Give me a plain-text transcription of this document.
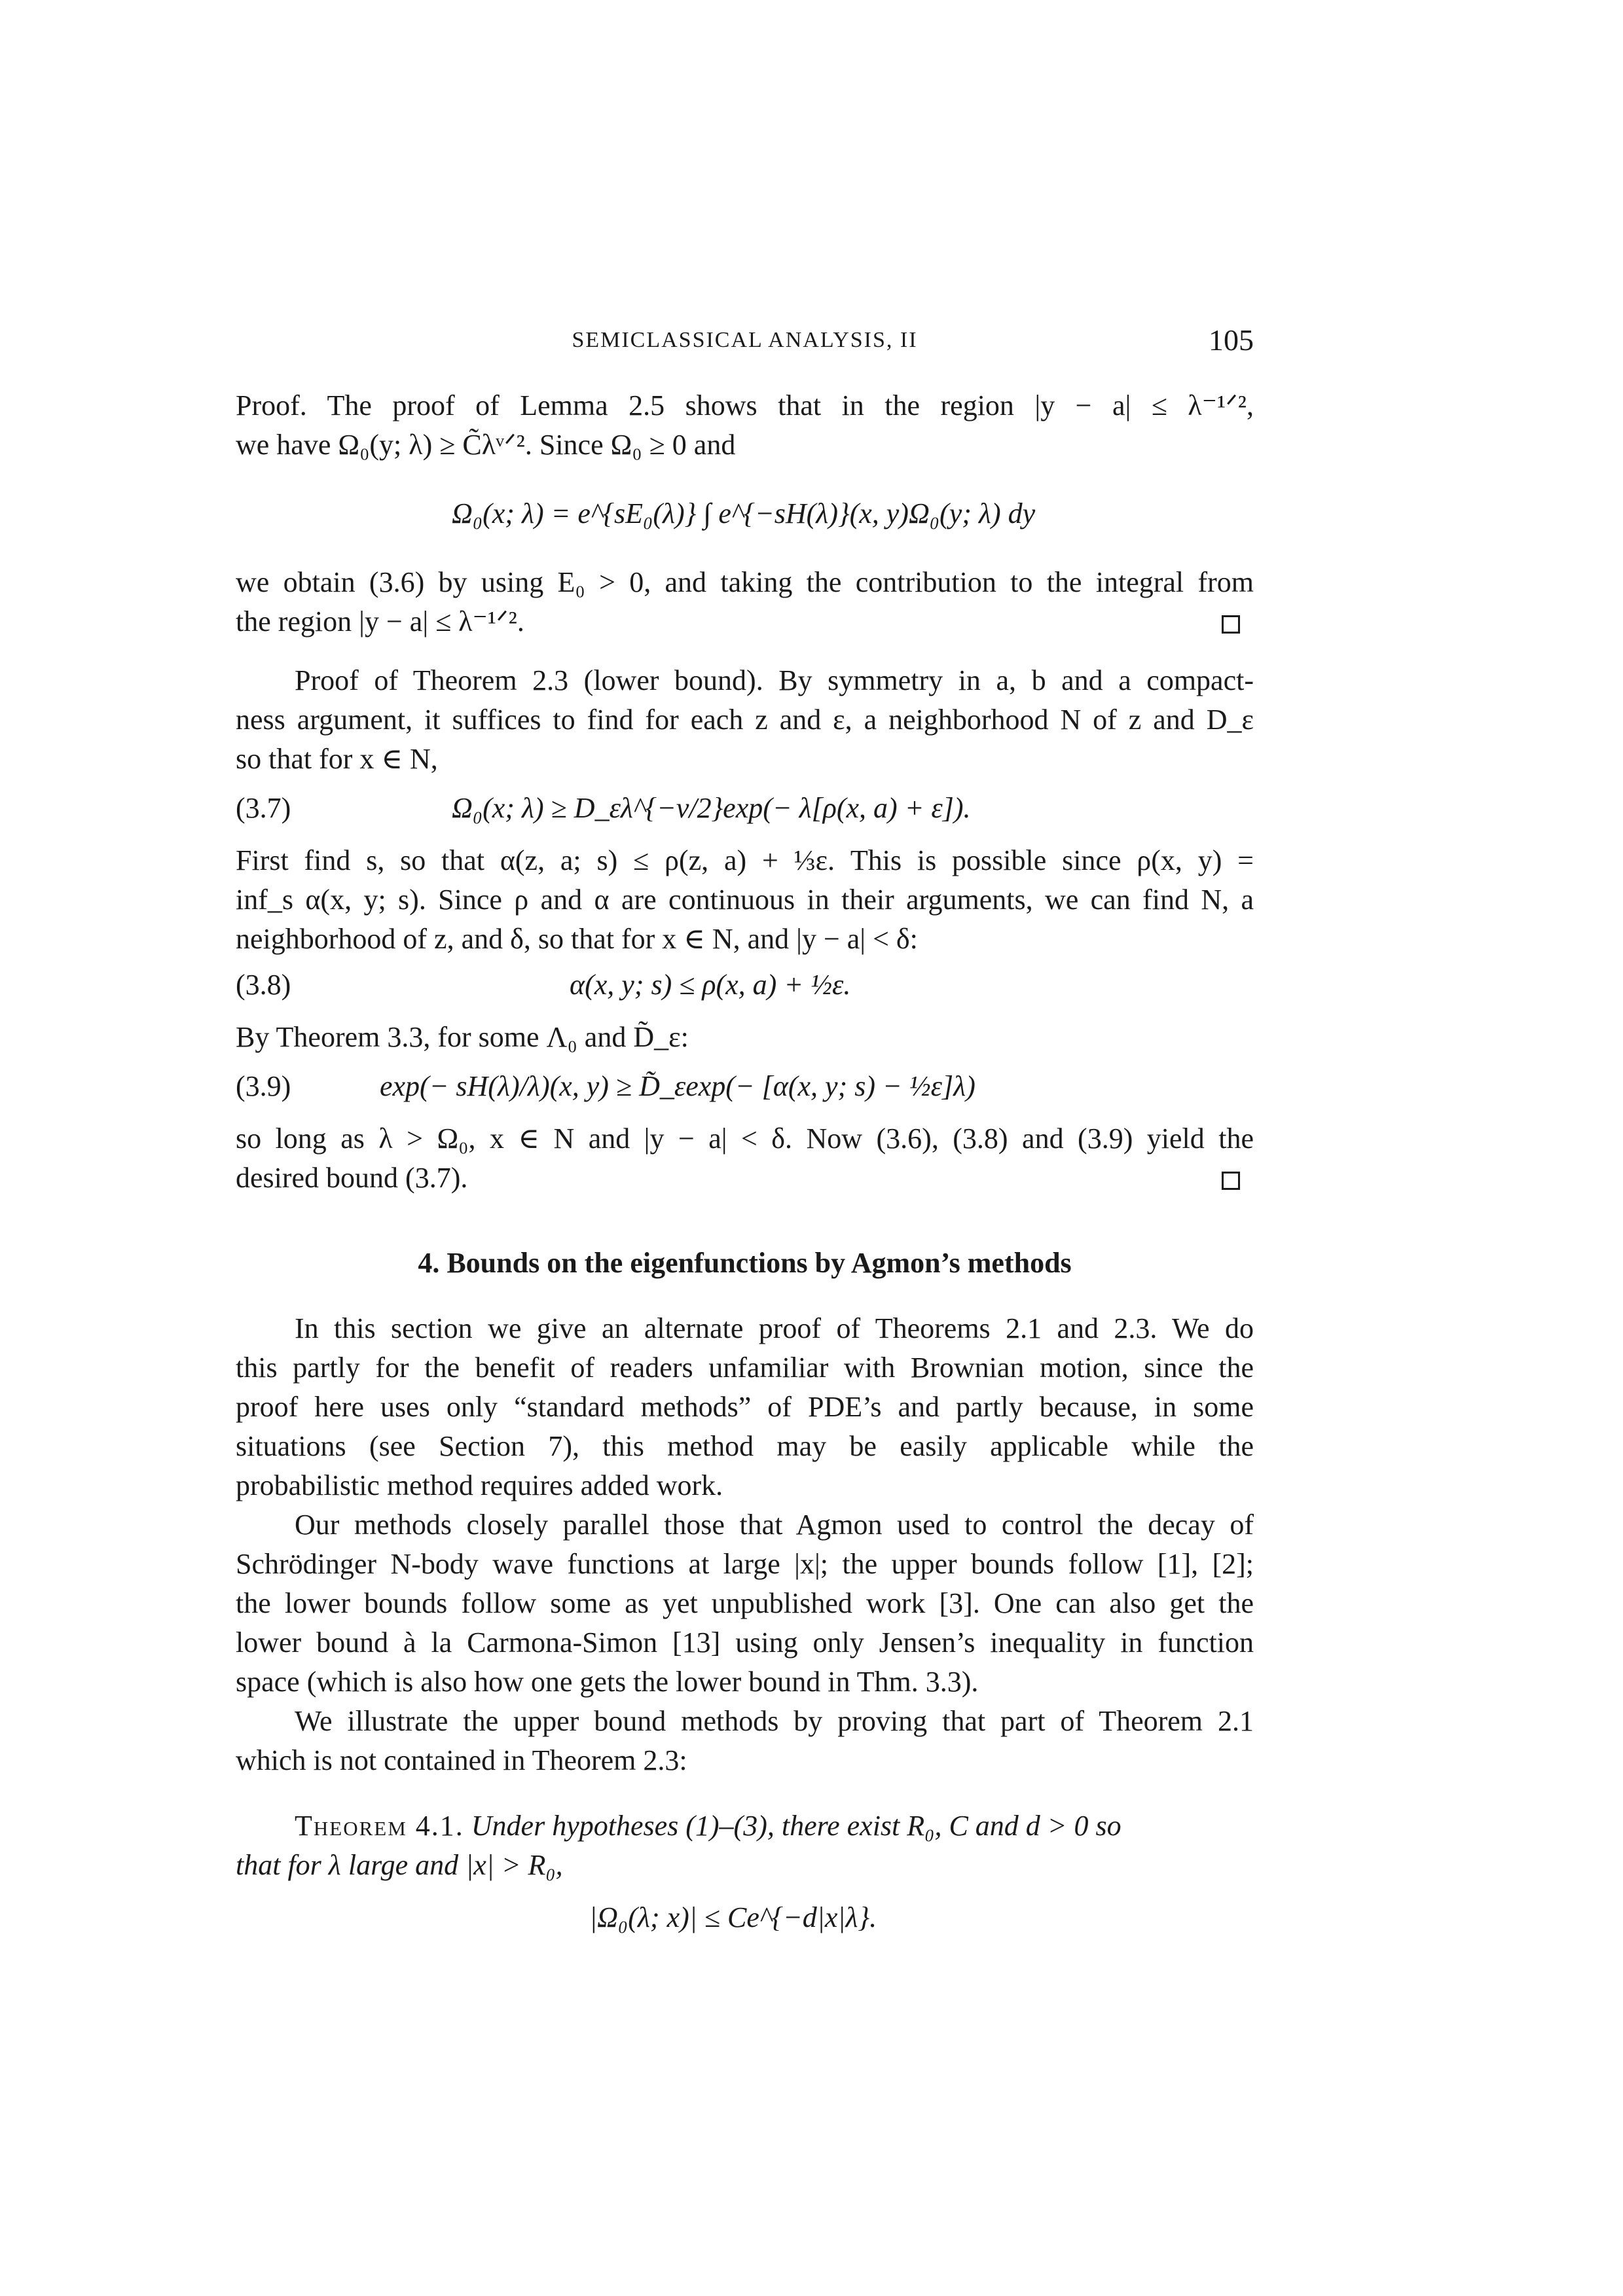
SEMICLASSICAL ANALYSIS, II	105
Proof. The proof of Lemma 2.5 shows that in the region |y − a| ≤ λ⁻¹ᐟ²,
we have Ω₀(y; λ) ≥ C̃λᵛᐟ². Since Ω₀ ≥ 0 and
Ω₀(x; λ) = e^{sE₀(λ)} ∫ e^{−sH(λ)}(x, y)Ω₀(y; λ) dy
we obtain (3.6) by using E₀ > 0, and taking the contribution to the integral from
the region |y − a| ≤ λ⁻¹ᐟ².
Proof of Theorem 2.3 (lower bound). By symmetry in a, b and a compact-
ness argument, it suffices to find for each z and ε, a neighborhood N of z and D_ε
so that for x ∈ N,
(3.7)	Ω₀(x; λ) ≥ D_ελ^{−ν/2}exp(− λ[ρ(x, a) + ε]).
First find s, so that α(z, a; s) ≤ ρ(z, a) + ⅓ε. This is possible since ρ(x, y) =
inf_s α(x, y; s). Since ρ and α are continuous in their arguments, we can find N, a
neighborhood of z, and δ, so that for x ∈ N, and |y − a| < δ:
(3.8)	α(x, y; s) ≤ ρ(x, a) + ½ε.
By Theorem 3.3, for some Λ₀ and D̃_ε:
(3.9)	exp(− sH(λ)/λ)(x, y) ≥ D̃_εexp(− [α(x, y; s) − ½ε]λ)
so long as λ > Ω₀, x ∈ N and |y − a| < δ. Now (3.6), (3.8) and (3.9) yield the
desired bound (3.7).
4. Bounds on the eigenfunctions by Agmon’s methods
In this section we give an alternate proof of Theorems 2.1 and 2.3. We do
this partly for the benefit of readers unfamiliar with Brownian motion, since the
proof here uses only “standard methods” of PDE’s and partly because, in some
situations (see Section 7), this method may be easily applicable while the
probabilistic method requires added work.
Our methods closely parallel those that Agmon used to control the decay of
Schrödinger N-body wave functions at large |x|; the upper bounds follow [1], [2];
the lower bounds follow some as yet unpublished work [3]. One can also get the
lower bound à la Carmona-Simon [13] using only Jensen’s inequality in function
space (which is also how one gets the lower bound in Thm. 3.3).
We illustrate the upper bound methods by proving that part of Theorem 2.1
which is not contained in Theorem 2.3:
Theorem 4.1. Under hypotheses (1)–(3), there exist R₀, C and d > 0 so
that for λ large and |x| > R₀,
|Ω₀(λ; x)| ≤ Ce^{−d|x|λ}.
